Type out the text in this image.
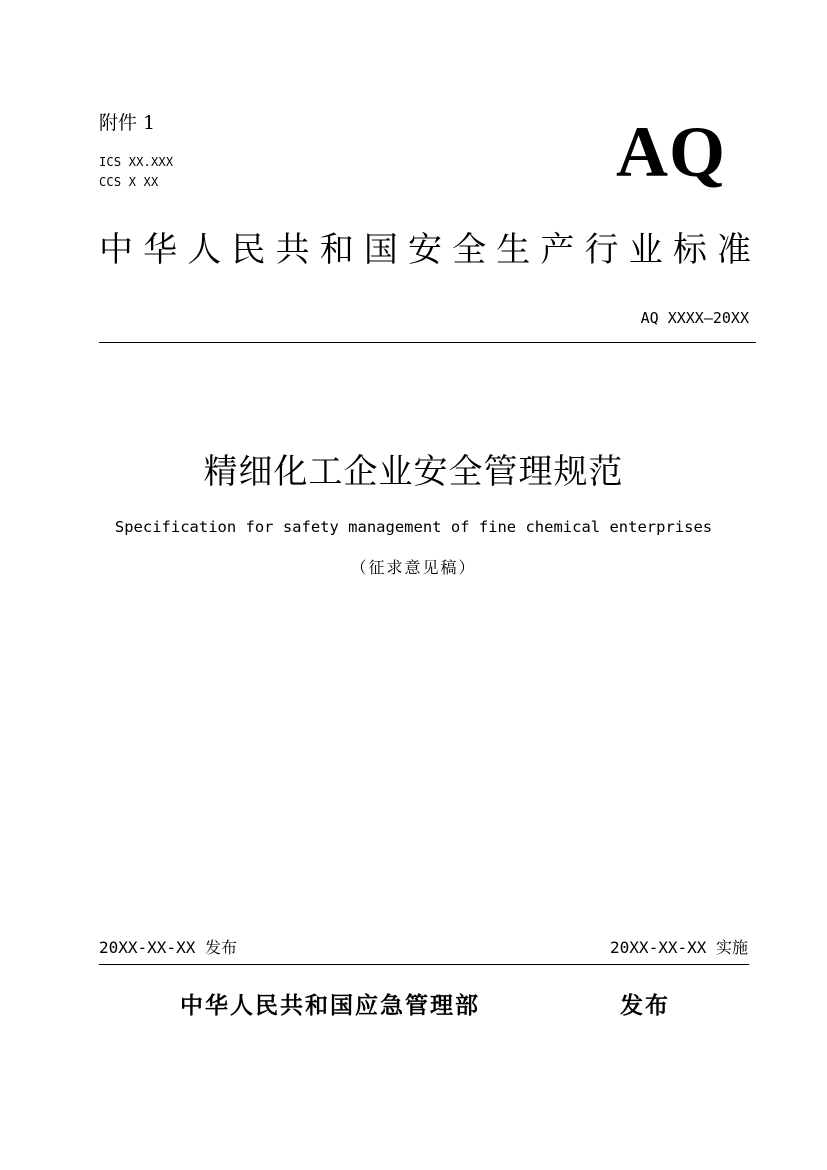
附件 1
ICS XX.XXX
CCS X XX	AQ
中 华 人 民 共 和 国 安 全 生 产 行 业 标 准
AQ XXXX—20XX
精细化工企业安全管理规范
Specification for safety management of fine chemical enterprises
（征求意见稿）
20XX-XX-XX 发布	20XX-XX-XX 实施
中华人民共和国应急管理部	发布
